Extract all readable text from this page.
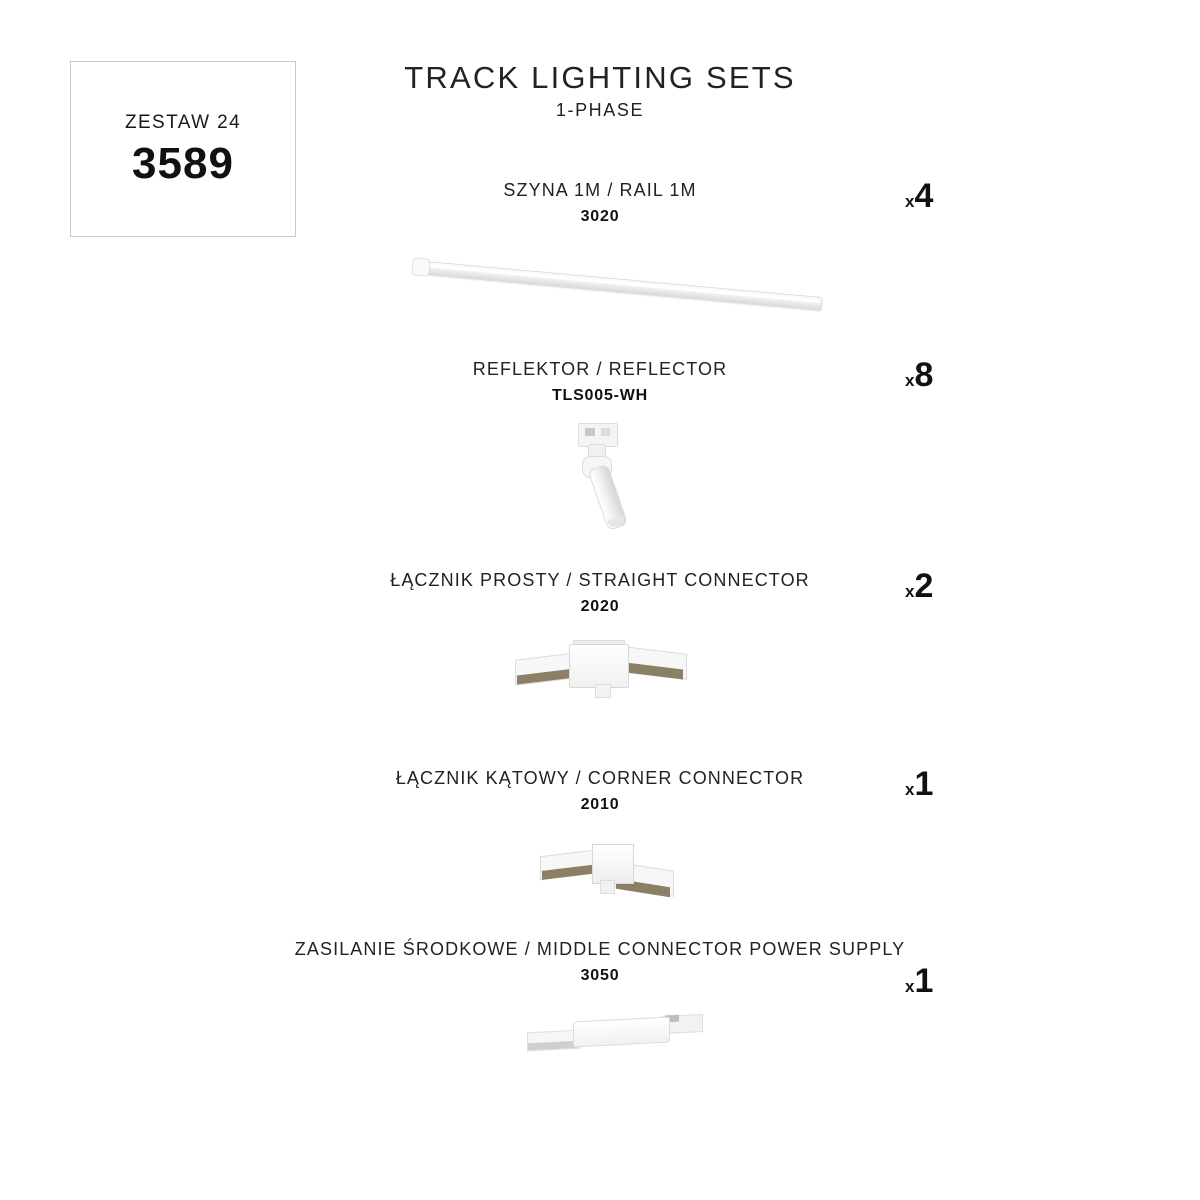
ZESTAW 24
3589
TRACK LIGHTING SETS
1-PHASE
SZYNA 1M / RAIL 1M
3020
x4
REFLEKTOR / REFLECTOR
TLS005-WH
x8
ŁĄCZNIK PROSTY / STRAIGHT CONNECTOR
2020
x2
ŁĄCZNIK KĄTOWY / CORNER CONNECTOR
2010
x1
ZASILANIE ŚRODKOWE / MIDDLE CONNECTOR POWER SUPPLY
3050
x1
